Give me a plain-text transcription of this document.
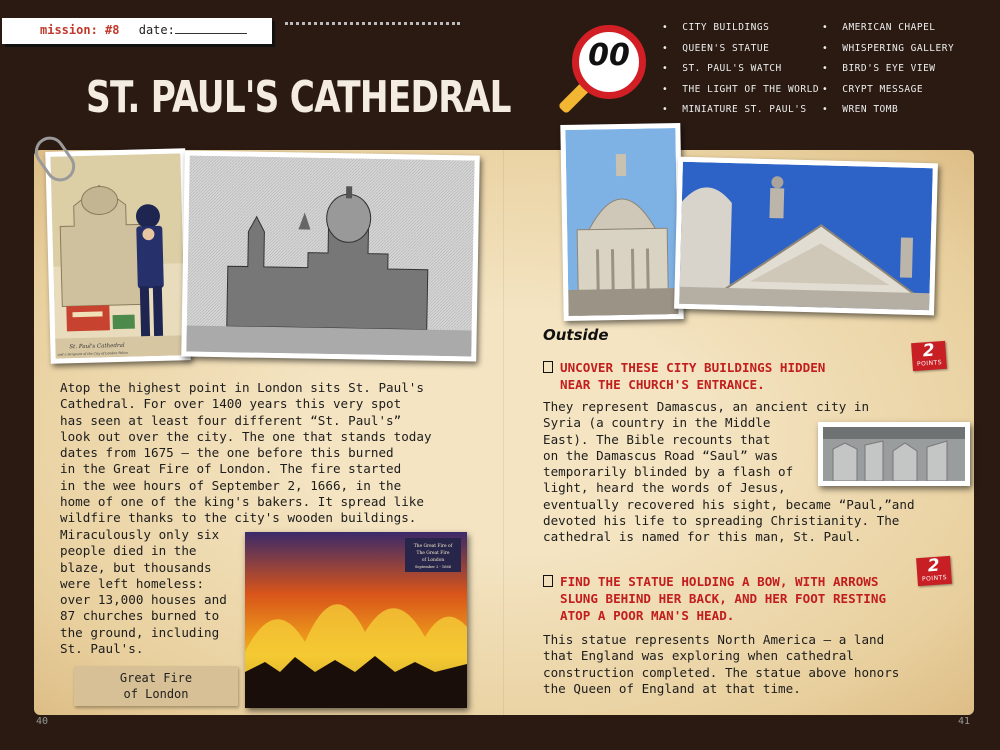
mission: #8 date:
ST. PAUL'S CATHEDRAL
00
• CITY BUILDINGS
• QUEEN'S STATUE
• ST. PAUL'S WATCH
• THE LIGHT OF THE WORLD
• MINIATURE ST. PAUL'S
• AMERICAN CHAPEL
• WHISPERING GALLERY
• BIRD'S EYE VIEW
• CRYPT MESSAGE
• WREN TOMB
St. Paul's Cathedral
and a Sergeant of the City of London Police

Atop the highest point in London sits St. Paul's

Cathedral. For over 1400 years this very spot

has seen at least four different “St. Paul's”

look out over the city. The one that stands today

dates from 1675 – the one before this burned

in the Great Fire of London. The fire started

in the wee hours of September 2, 1666, in the

home of one of the king's bakers. It spread like

wildfire thanks to the city's wooden buildings.

Miraculously only six

people died in the

blaze, but thousands

were left homeless:

over 13,000 houses and

87 churches burned to

the ground, including

St. Paul's.

The Great Fire of
The Great Fire
of London
September 2 - 1666
Great Fire
of London
Outside

UNCOVER THESE CITY BUILDINGS HIDDEN

NEAR THE CHURCH'S ENTRANCE.

2
POINTS

They represent Damascus, an ancient city in

Syria (a country in the Middle

East). The Bible recounts that

on the Damascus Road “Saul” was

temporarily blinded by a flash of

light, heard the words of Jesus,

eventually recovered his sight, became “Paul,”and

devoted his life to spreading Christianity. The

cathedral is named for this man, St. Paul.

FIND THE STATUE HOLDING A BOW, WITH ARROWS

SLUNG BEHIND HER BACK, AND HER FOOT RESTING

ATOP A POOR MAN'S HEAD.

2
POINTS

This statue represents North America – a land

that England was exploring when cathedral

construction completed. The statue above honors

the Queen of England at that time.

40	41
